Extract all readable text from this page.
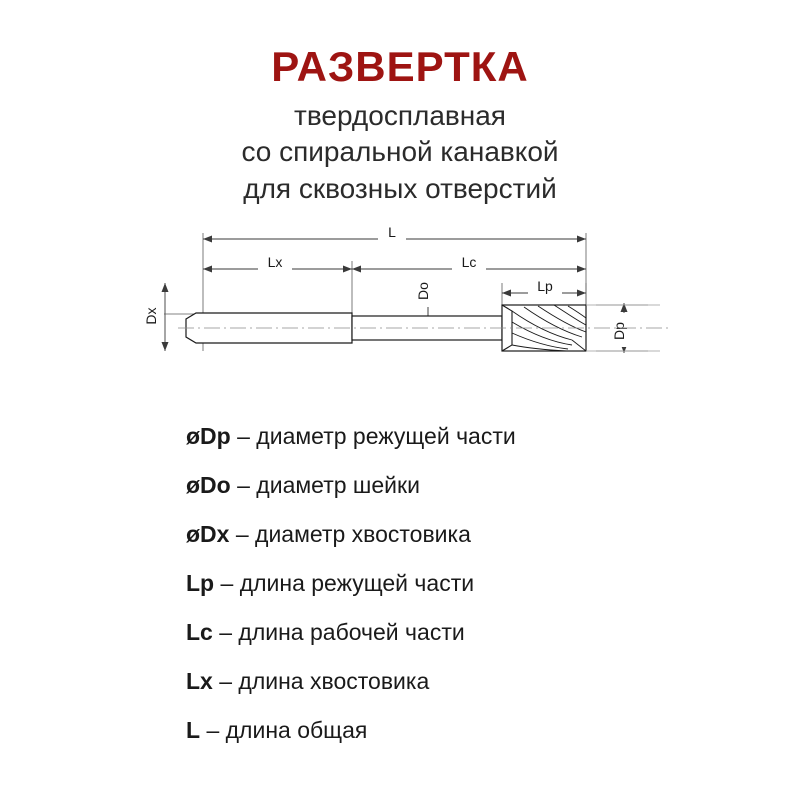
РАЗВЕРТКА
твердосплавная
со спиральной канавкой
для сквозных отверстий
L
Lx	Lc
Lp
Dx
Do
Dp
øDp – диаметр режущей части
øDo – диаметр шейки
øDx – диаметр хвостовика
Lp – длина режущей части
Lc – длина рабочей части
Lx – длина хвостовика
L – длина общая
